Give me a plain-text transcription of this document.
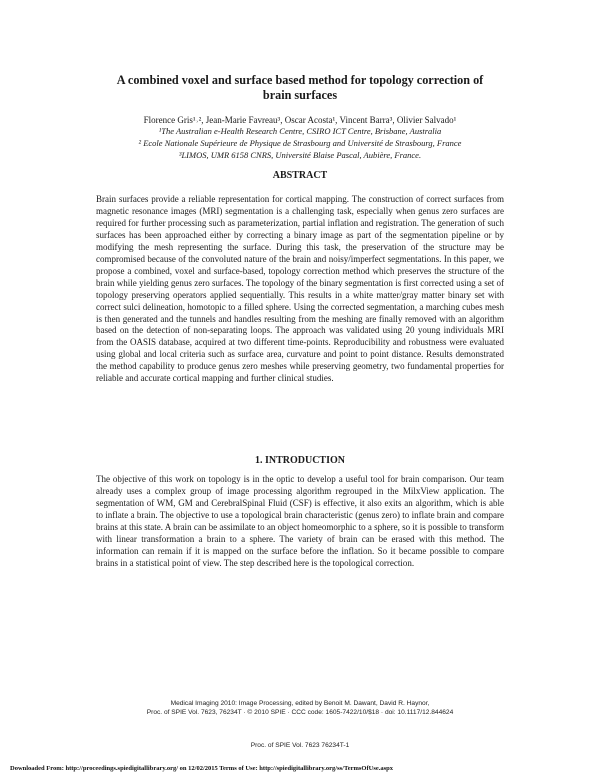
A combined voxel and surface based method for topology correction of
brain surfaces
Florence Gris¹˒², Jean-Marie Favreau³, Oscar Acosta¹, Vincent Barra³, Olivier Salvado¹
¹The Australian e-Health Research Centre, CSIRO ICT Centre, Brisbane, Australia
² Ecole Nationale Supérieure de Physique de Strasbourg and Université de Strasbourg, France
³LIMOS, UMR 6158 CNRS, Université Blaise Pascal, Aubière, France.
ABSTRACT
Brain surfaces provide a reliable representation for cortical mapping. The construction of correct surfaces from magnetic resonance images (MRI) segmentation is a challenging task, especially when genus zero surfaces are required for further processing such as parameterization, partial inflation and registration. The generation of such surfaces has been approached either by correcting a binary image as part of the segmentation pipeline or by modifying the mesh representing the surface. During this task, the preservation of the structure may be compromised because of the convoluted nature of the brain and noisy/imperfect segmentations. In this paper, we propose a combined, voxel and surface-based, topology correction method which preserves the structure of the brain while yielding genus zero surfaces. The topology of the binary segmentation is first corrected using a set of topology preserving operators applied sequentially. This results in a white matter/gray matter binary set with correct sulci delineation, homotopic to a filled sphere. Using the corrected segmentation, a marching cubes mesh is then generated and the tunnels and handles resulting from the meshing are finally removed with an algorithm based on the detection of non-separating loops. The approach was validated using 20 young individuals MRI from the OASIS database, acquired at two different time-points. Reproducibility and robustness were evaluated using global and local criteria such as surface area, curvature and point to point distance. Results demonstrated the method capability to produce genus zero meshes while preserving geometry, two fundamental properties for reliable and accurate cortical mapping and further clinical studies.
1. INTRODUCTION
The objective of this work on topology is in the optic to develop a useful tool for brain comparison. Our team already uses a complex group of image processing algorithm regrouped in the MilxView application. The segmentation of WM, GM and CerebralSpinal Fluid (CSF) is effective, it also exits an algorithm, which is able to inflate a brain. The objective to use a topological brain characteristic (genus zero) to inflate brain and compare brains at this state. A brain can be assimilate to an object homeomorphic to a sphere, so it is possible to transform with linear transformation a brain to a sphere. The variety of brain can be erased with this method. The information can remain if it is mapped on the surface before the inflation. So it became possible to compare brains in a statistical point of view. The step described here is the topological correction.
Medical Imaging 2010: Image Processing, edited by Benoit M. Dawant, David R. Haynor,
Proc. of SPIE Vol. 7623, 76234T · © 2010 SPIE · CCC code: 1605-7422/10/$18 · doi: 10.1117/12.844624
Proc. of SPIE Vol. 7623 76234T-1
Downloaded From: http://proceedings.spiedigitallibrary.org/ on 12/02/2015 Terms of Use: http://spiedigitallibrary.org/ss/TermsOfUse.aspx
